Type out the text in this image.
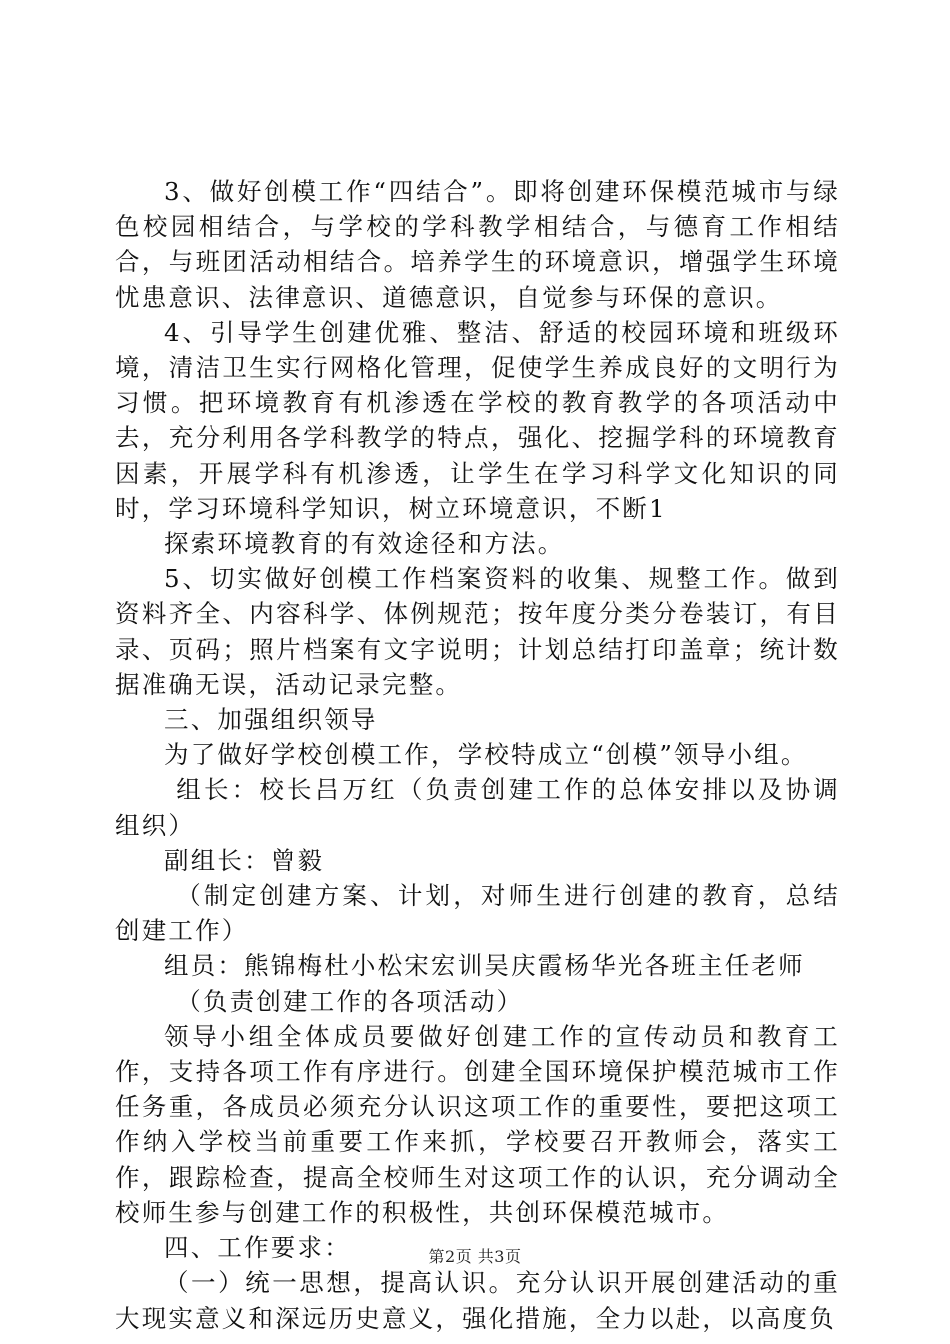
3、做好创模工作“四结合”。即将创建环保模范城市与绿色校园相结合，与学校的学科教学相结合，与德育工作相结合，与班团活动相结合。培养学生的环境意识，增强学生环境忧患意识、法律意识、道德意识，自觉参与环保的意识。

4、引导学生创建优雅、整洁、舒适的校园环境和班级环境，清洁卫生实行网格化管理，促使学生养成良好的文明行为习惯。把环境教育有机渗透在学校的教育教学的各项活动中去，充分利用各学科教学的特点，强化、挖掘学科的环境教育因素，开展学科有机渗透，让学生在学习科学文化知识的同时，学习环境科学知识，树立环境意识，不断1

探索环境教育的有效途径和方法。

5、切实做好创模工作档案资料的收集、规整工作。做到资料齐全、内容科学、体例规范；按年度分类分卷装订，有目录、页码；照片档案有文字说明；计划总结打印盖章；统计数据准确无误，活动记录完整。

三、加强组织领导

为了做好学校创模工作，学校特成立“创模”领导小组。

组长：校长吕万红（负责创建工作的总体安排以及协调组织）

副组长：曾毅

（制定创建方案、计划，对师生进行创建的教育，总结创建工作）

组员：熊锦梅杜小松宋宏训吴庆霞杨华光各班主任老师

（负责创建工作的各项活动）

领导小组全体成员要做好创建工作的宣传动员和教育工作，支持各项工作有序进行。创建全国环境保护模范城市工作任务重，各成员必须充分认识这项工作的重要性，要把这项工作纳入学校当前重要工作来抓，学校要召开教师会，落实工作，跟踪检查，提高全校师生对这项工作的认识，充分调动全校师生参与创建工作的积极性，共创环保模范城市。

四、工作要求：

（一）统一思想，提高认识。充分认识开展创建活动的重大现实意义和深远历史意义，强化措施，全力以赴，以高度负

第2页 共3页
